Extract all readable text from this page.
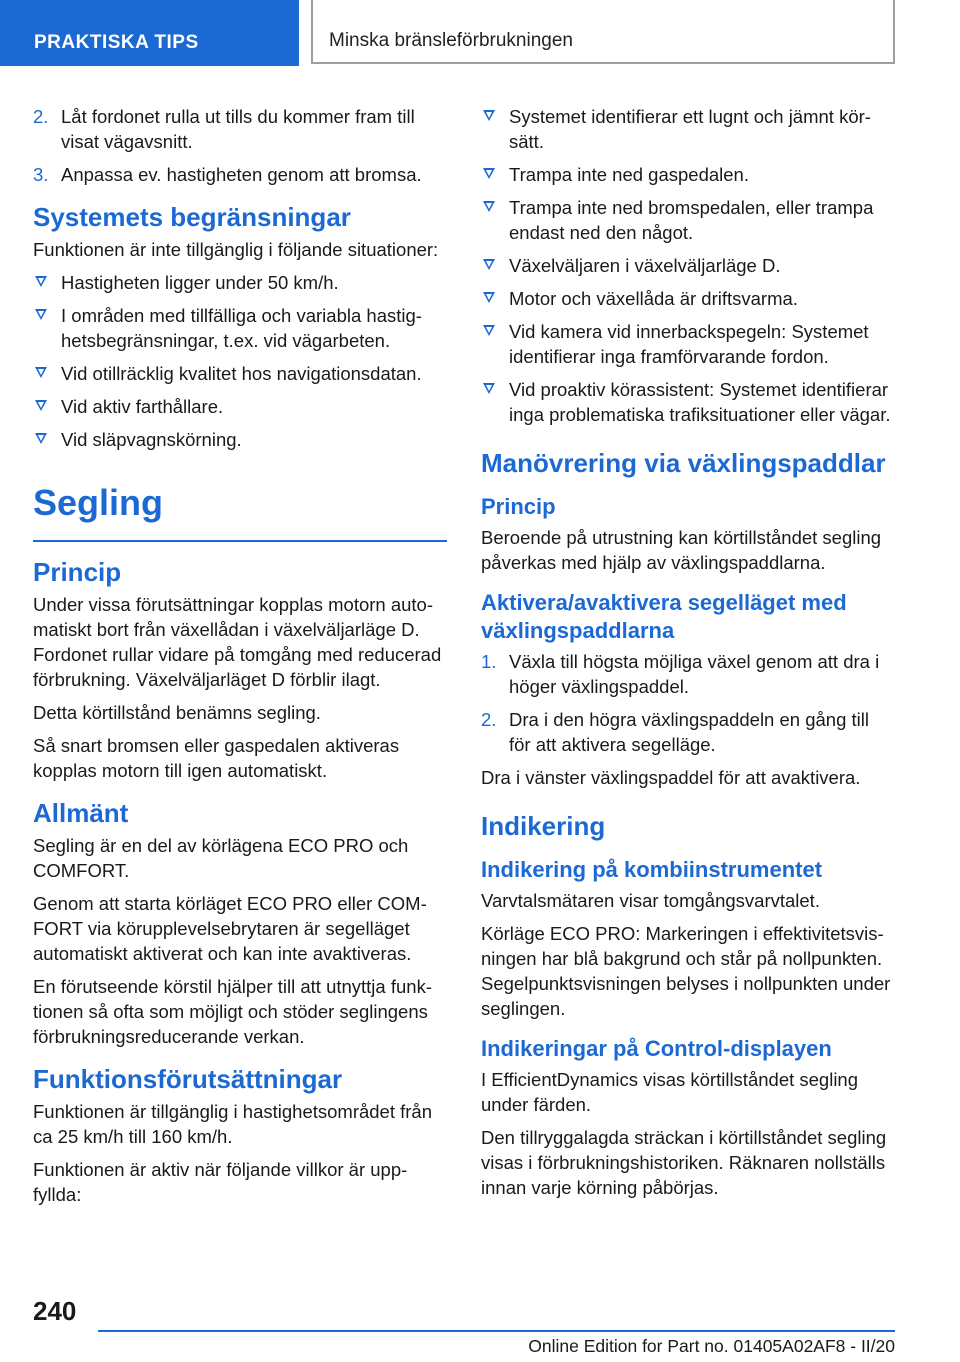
PRAKTISKA TIPS	Minska bränsleförbrukningen
2. Låt fordonet rulla ut tills du kommer fram till visat vägavsnitt.
3. Anpassa ev. hastigheten genom att bromsa.
Systemets begränsningar
Funktionen är inte tillgänglig i följande situationer:
Hastigheten ligger under 50 km/h.
I områden med tillfälliga och variabla hastighetsbegränsningar, t.ex. vid vägarbeten.
Vid otillräcklig kvalitet hos navigationsdatan.
Vid aktiv farthållare.
Vid släpvagnskörning.
Segling
Princip
Under vissa förutsättningar kopplas motorn automatiskt bort från växellådan i växelväljarläge D. Fordonet rullar vidare på tomgång med reducerad förbrukning. Växelväljarläget D förblir ilagt.
Detta körtillstånd benämns segling.
Så snart bromsen eller gaspedalen aktiveras kopplas motorn till igen automatiskt.
Allmänt
Segling är en del av körlägena ECO PRO och COMFORT.
Genom att starta körläget ECO PRO eller COMFORT via körupplevelsebrytaren är segelläget automatiskt aktiverat och kan inte avaktiveras.
En förutseende körstil hjälper till att utnyttja funktionen så ofta som möjligt och stöder seglingens förbrukningsreducerande verkan.
Funktionsförutsättningar
Funktionen är tillgänglig i hastighetsområdet från ca 25 km/h till 160 km/h.
Funktionen är aktiv när följande villkor är uppfyllda:
Systemet identifierar ett lugnt och jämnt körsätt.
Trampa inte ned gaspedalen.
Trampa inte ned bromspedalen, eller trampa endast ned den något.
Växelväljaren i växelväljarläge D.
Motor och växellåda är driftsvarma.
Vid kamera vid innerbackspegeln: Systemet identifierar inga framförvarande fordon.
Vid proaktiv körassistent: Systemet identifierar inga problematiska trafiksituationer eller vägar.
Manövrering via växlingspaddlar
Princip
Beroende på utrustning kan körtillståndet segling påverkas med hjälp av växlingspaddlarna.
Aktivera/avaktivera segelläget med växlingspaddlarna
1. Växla till högsta möjliga växel genom att dra i höger växlingspaddel.
2. Dra i den högra växlingspaddeln en gång till för att aktivera segelläge.
Dra i vänster växlingspaddel för att avaktivera.
Indikering
Indikering på kombiinstrumentet
Varvtalsmätaren visar tomgångsvarvtalet.
Körläge ECO PRO: Markeringen i effektivitetsvisningen har blå bakgrund och står på nollpunkten. Segelpunktsvisningen belyses i nollpunkten under seglingen.
Indikeringar på Control-displayen
I EfficientDynamics visas körtillståndet segling under färden.
Den tillryggalagda sträckan i körtillståndet segling visas i förbrukningshistoriken. Räknaren nollställs innan varje körning påbörjas.
240
Online Edition for Part no. 01405A02AF8 - II/20
